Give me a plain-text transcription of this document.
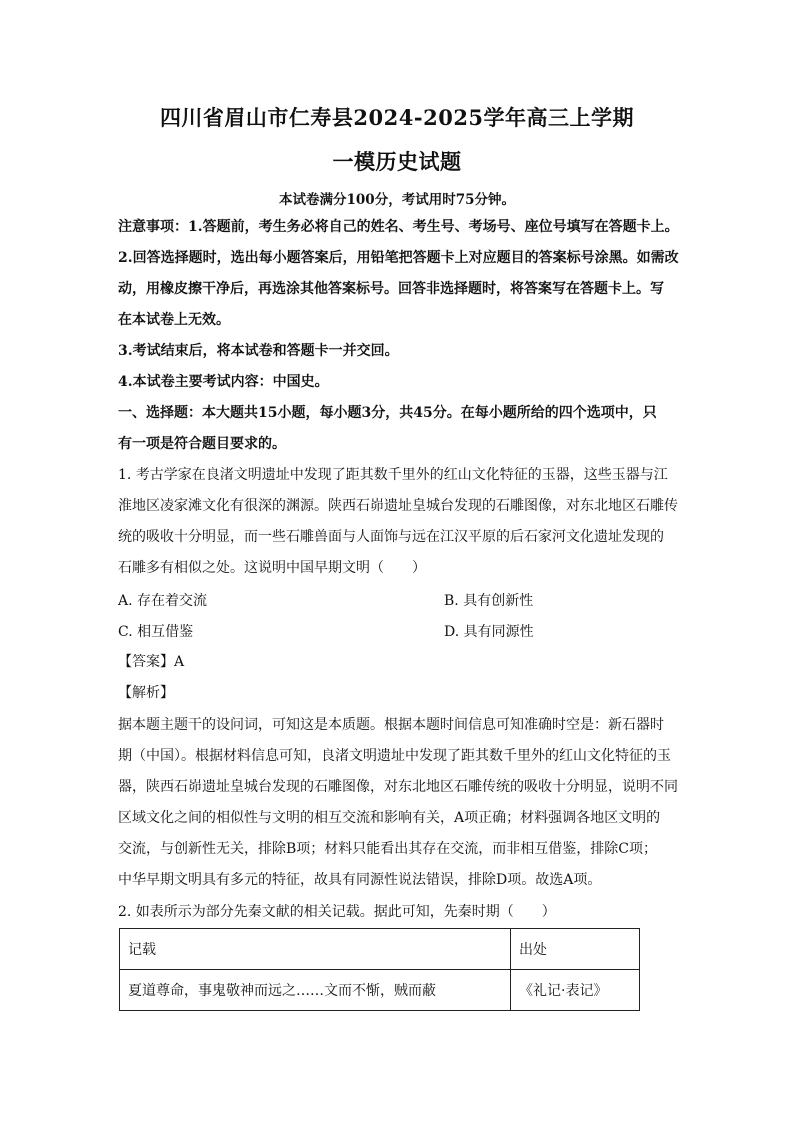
四川省眉山市仁寿县2024-2025学年高三上学期
一模历史试题
本试卷满分100分，考试用时75分钟。
注意事项：1.答题前，考生务必将自己的姓名、考生号、考场号、座位号填写在答题卡上。
2.回答选择题时，选出每小题答案后，用铅笔把答题卡上对应题目的答案标号涂黑。如需改
动，用橡皮擦干净后，再选涂其他答案标号。回答非选择题时，将答案写在答题卡上。写
在本试卷上无效。
3.考试结束后，将本试卷和答题卡一并交回。
4.本试卷主要考试内容：中国史。
一、选择题：本大题共15小题，每小题3分，共45分。在每小题所给的四个选项中，只
有一项是符合题目要求的。
1. 考古学家在良渚文明遗址中发现了距其数千里外的红山文化特征的玉器，这些玉器与江
淮地区凌家滩文化有很深的渊源。陕西石峁遗址皇城台发现的石雕图像，对东北地区石雕传
统的吸收十分明显，而一些石雕兽面与人面饰与远在江汉平原的后石家河文化遗址发现的
石雕多有相似之处。这说明中国早期文明（　　）
A. 存在着交流	B. 具有创新性
C. 相互借鉴	D. 具有同源性
【答案】A
【解析】
据本题主题干的设问词，可知这是本质题。根据本题时间信息可知准确时空是：新石器时
期（中国）。根据材料信息可知，良渚文明遗址中发现了距其数千里外的红山文化特征的玉
器，陕西石峁遗址皇城台发现的石雕图像，对东北地区石雕传统的吸收十分明显，说明不同
区域文化之间的相似性与文明的相互交流和影响有关，A项正确；材料强调各地区文明的
交流，与创新性无关，排除B项；材料只能看出其存在交流，而非相互借鉴，排除C项；
中华早期文明具有多元的特征，故具有同源性说法错误，排除D项。故选A项。
2. 如表所示为部分先秦文献的相关记载。据此可知，先秦时期（　　）
记载	出处
夏道尊命，事鬼敬神而远之……文而不惭，贼而蔽	《礼记·表记》
